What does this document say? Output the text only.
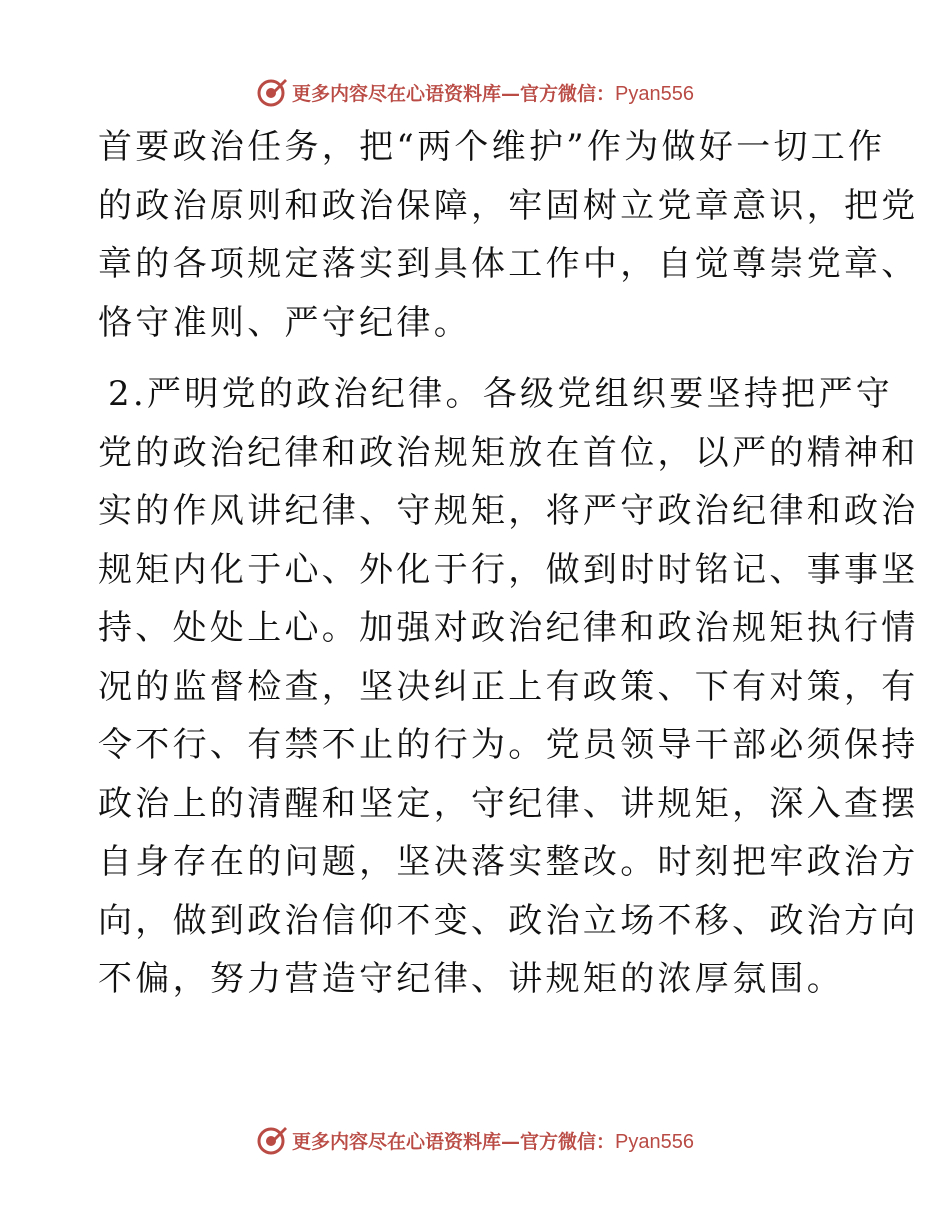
更多内容尽在心语资料库—官方微信：Pyan556
首要政治任务，把“两个维护”作为做好一切工作
的政治原则和政治保障，牢固树立党章意识，把党
章的各项规定落实到具体工作中，自觉尊崇党章、
恪守准则、严守纪律。
2.严明党的政治纪律。各级党组织要坚持把严守
党的政治纪律和政治规矩放在首位，以严的精神和
实的作风讲纪律、守规矩，将严守政治纪律和政治
规矩内化于心、外化于行，做到时时铭记、事事坚
持、处处上心。加强对政治纪律和政治规矩执行情
况的监督检查，坚决纠正上有政策、下有对策，有
令不行、有禁不止的行为。党员领导干部必须保持
政治上的清醒和坚定，守纪律、讲规矩，深入查摆
自身存在的问题，坚决落实整改。时刻把牢政治方
向，做到政治信仰不变、政治立场不移、政治方向
不偏，努力营造守纪律、讲规矩的浓厚氛围。
更多内容尽在心语资料库—官方微信：Pyan556
